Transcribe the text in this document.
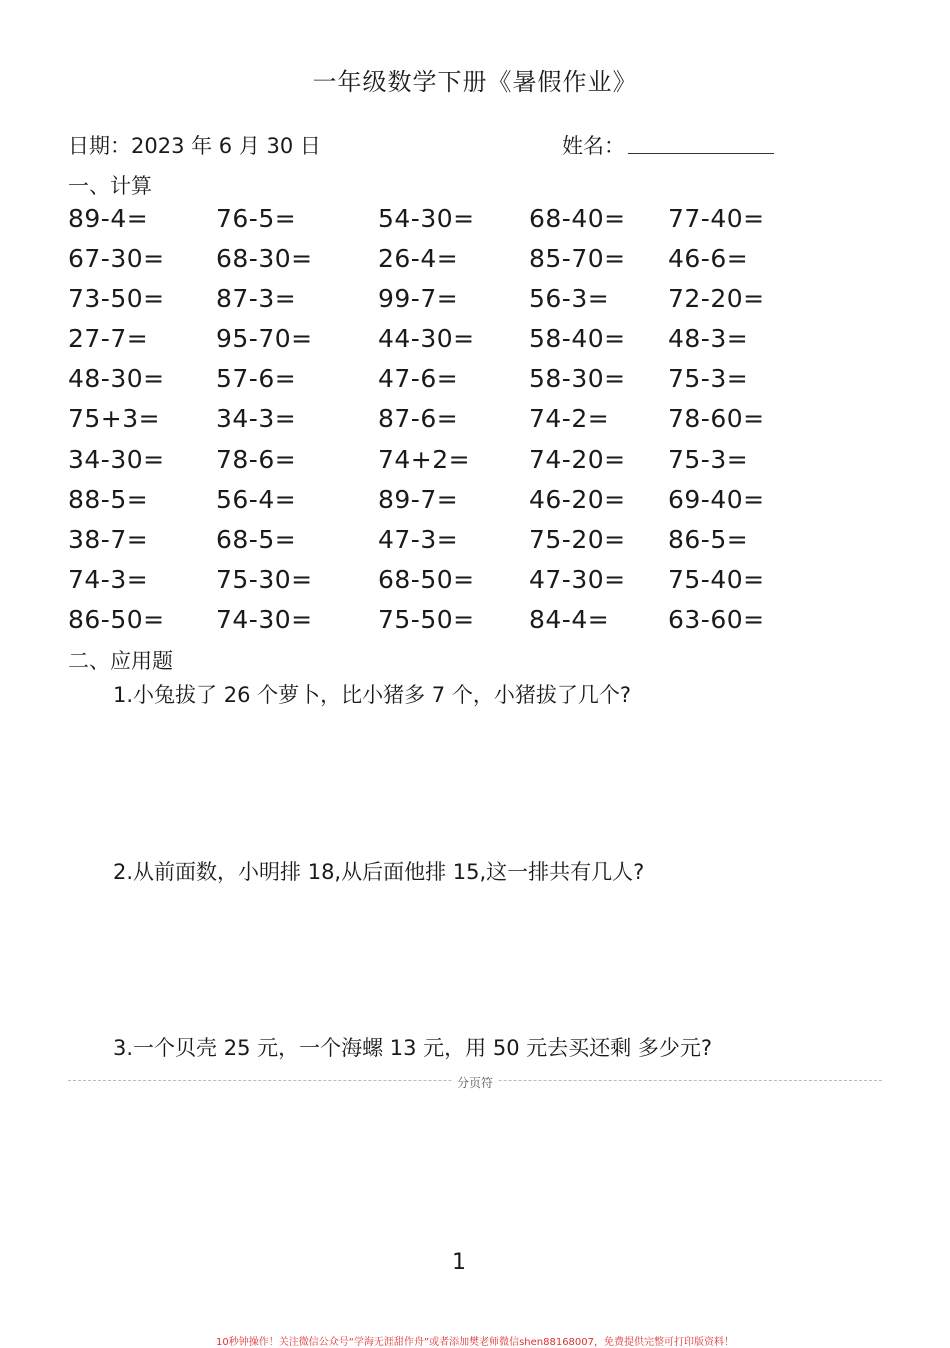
一年级数学下册《暑假作业》
日期：2023 年 6 月 30 日	姓名：
一、计算
89-4=	76-5=	54-30= 68-40= 77-40=
67-30= 68-30=	26-4=	85-70= 46-6=
73-50= 87-3=	99-7=	56-3= 72-20=
27-7=	95-70=	44-30= 58-40= 48-3=
48-30= 57-6=	47-6=	58-30= 75-3=
75+3= 34-3=	87-6=	74-2= 78-60=
34-30= 78-6=	74+2= 74-20= 75-3=
88-5=	56-4=	89-7=	46-20= 69-40=
38-7=	68-5=	47-3=	75-20= 86-5=
74-3=	75-30=	68-50= 47-30= 75-40=
86-50= 74-30=	75-50= 84-4= 63-60=
二、应用题
1.小兔拔了 26 个萝卜，比小猪多 7 个，小猪拔了几个?
2.从前面数，小明排 18,从后面他排 15,这一排共有几人?
3.一个贝壳 25 元，一个海螺 13 元，用 50 元去买还剩 多少元?
分页符
1
10秒钟操作！关注微信公众号“学海无涯甜作舟”或者添加樊老师微信shen88168007，免费提供完整可打印版资料！
